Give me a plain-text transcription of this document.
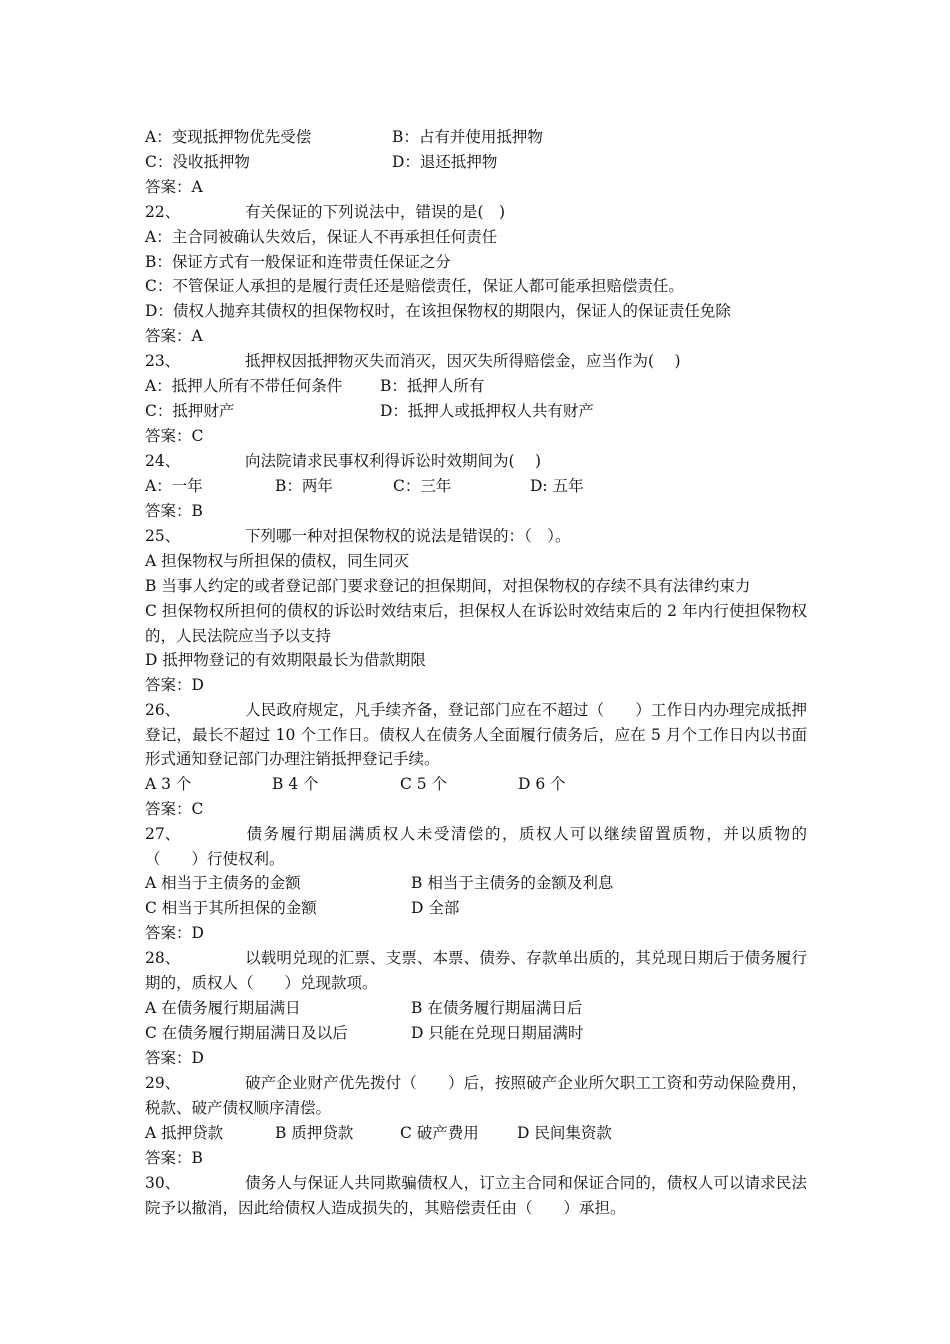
A：变现抵押物优先受偿	B：占有并使用抵押物
C：没收抵押物	D：退还抵押物
答案：A
22、	有关保证的下列说法中，错误的是(　)
A：主合同被确认失效后，保证人不再承担任何责任
B：保证方式有一般保证和连带责任保证之分
C：不管保证人承担的是履行责任还是赔偿责任，保证人都可能承担赔偿责任。
D：债权人抛弃其债权的担保物权时，在该担保物权的期限内，保证人的保证责任免除
答案：A
23、	抵押权因抵押物灭失而消灭，因灭失所得赔偿金，应当作为(　 )
A：抵押人所有不带任何条件 B：抵押人所有
C：抵押财产	D：抵押人或抵押权人共有财产
答案：C
24、	向法院请求民事权利得诉讼时效期间为(　 )
A：一年	B：两年	C：三年	D: 五年
答案：B
25、	下列哪一种对担保物权的说法是错误的：（　）。
A 担保物权与所担保的债权，同生同灭
B 当事人约定的或者登记部门要求登记的担保期间，对担保物权的存续不具有法律约束力
C 担保物权所担何的债权的诉讼时效结束后，担保权人在诉讼时效结束后的 2 年内行使担保物权的，人民法院应当予以支持
D 抵押物登记的有效期限最长为借款期限
答案：D
26、	人民政府规定，凡手续齐备，登记部门应在不超过（　　）工作日内办理完成抵押登记，最长不超过 10 个工作日。债权人在债务人全面履行债务后，应在 5 月个工作日内以书面形式通知登记部门办理注销抵押登记手续。
A 3 个	B 4 个	C 5 个	D 6 个
答案：C
27、	债务履行期届满质权人未受清偿的，质权人可以继续留置质物，并以质物的（　　）行使权利。
A 相当于主债务的金额	B 相当于主债务的金额及利息
C 相当于其所担保的金额	D 全部
答案：D
28、	以载明兑现的汇票、支票、本票、债券、存款单出质的，其兑现日期后于债务履行期的，质权人（　　）兑现款项。
A 在债务履行期届满日	B 在债务履行期届满日后
C 在债务履行期届满日及以后	D 只能在兑现日期届满时
答案：D
29、	破产企业财产优先拨付（　　）后，按照破产企业所欠职工工资和劳动保险费用，税款、破产债权顺序清偿。
A 抵押贷款	B 质押贷款	C 破产费用 D 民间集资款
答案：B
30、	债务人与保证人共同欺骗债权人，订立主合同和保证合同的，债权人可以请求民法院予以撤消，因此给债权人造成损失的，其赔偿责任由（　　）承担。
